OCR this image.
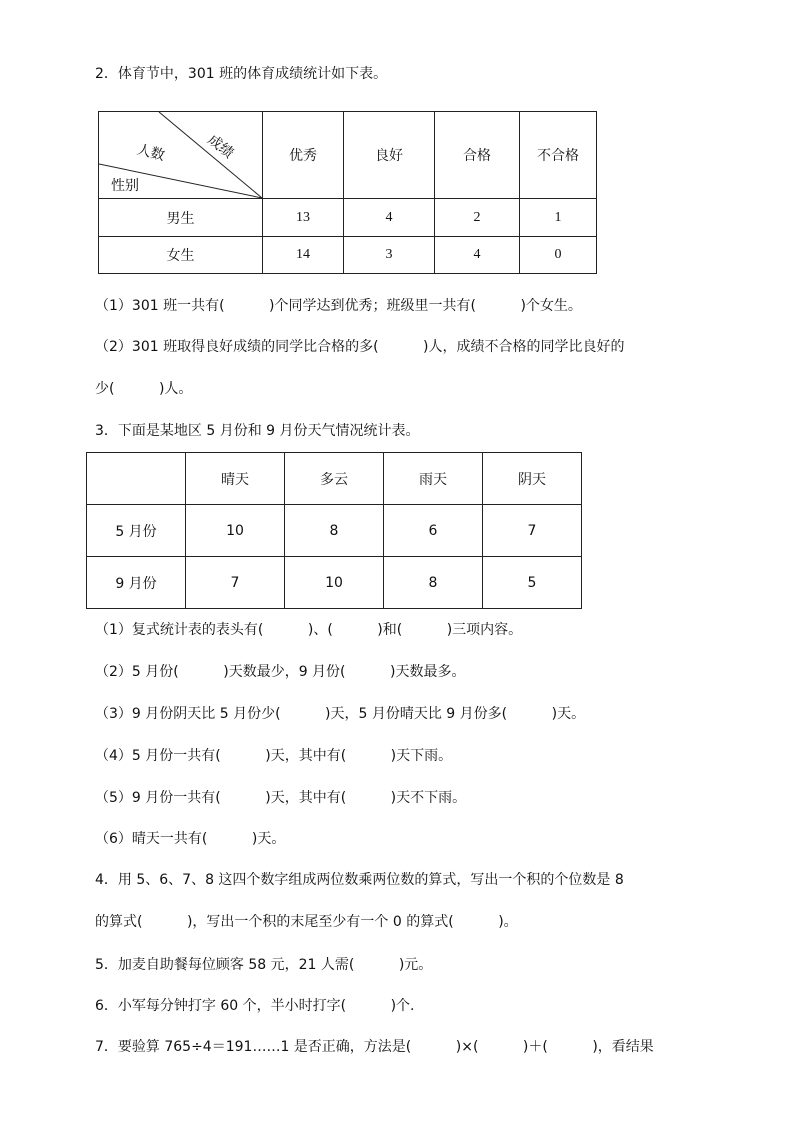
2．体育节中，301 班的体育成绩统计如下表。
成绩
人数
性别	优秀	良好	合格	不合格
男生	13	4	2	1
女生	14	3	4	0
（1）301 班一共有(          )个同学达到优秀；班级里一共有(          )个女生。
（2）301 班取得良好成绩的同学比合格的多(          )人，成绩不合格的同学比良好的
少(          )人。
3．下面是某地区 5 月份和 9 月份天气情况统计表。
	晴天	多云	雨天	阴天
5 月份	10	8	6	7
9 月份	7	10	8	5
（1）复式统计表的表头有(          )、(          )和(          )三项内容。
（2）5 月份(          )天数最少，9 月份(          )天数最多。
（3）9 月份阴天比 5 月份少(          )天，5 月份晴天比 9 月份多(          )天。
（4）5 月份一共有(          )天，其中有(          )天下雨。
（5）9 月份一共有(          )天，其中有(          )天不下雨。
（6）晴天一共有(          )天。
4．用 5、6、7、8 这四个数字组成两位数乘两位数的算式，写出一个积的个位数是 8
的算式(          )，写出一个积的末尾至少有一个 0 的算式(          )。
5．加麦自助餐每位顾客 58 元，21 人需(          )元。
6．小军每分钟打字 60 个，半小时打字(          )个.
7．要验算 765÷4＝191……1 是否正确，方法是(          )×(          )＋(          )，看结果
